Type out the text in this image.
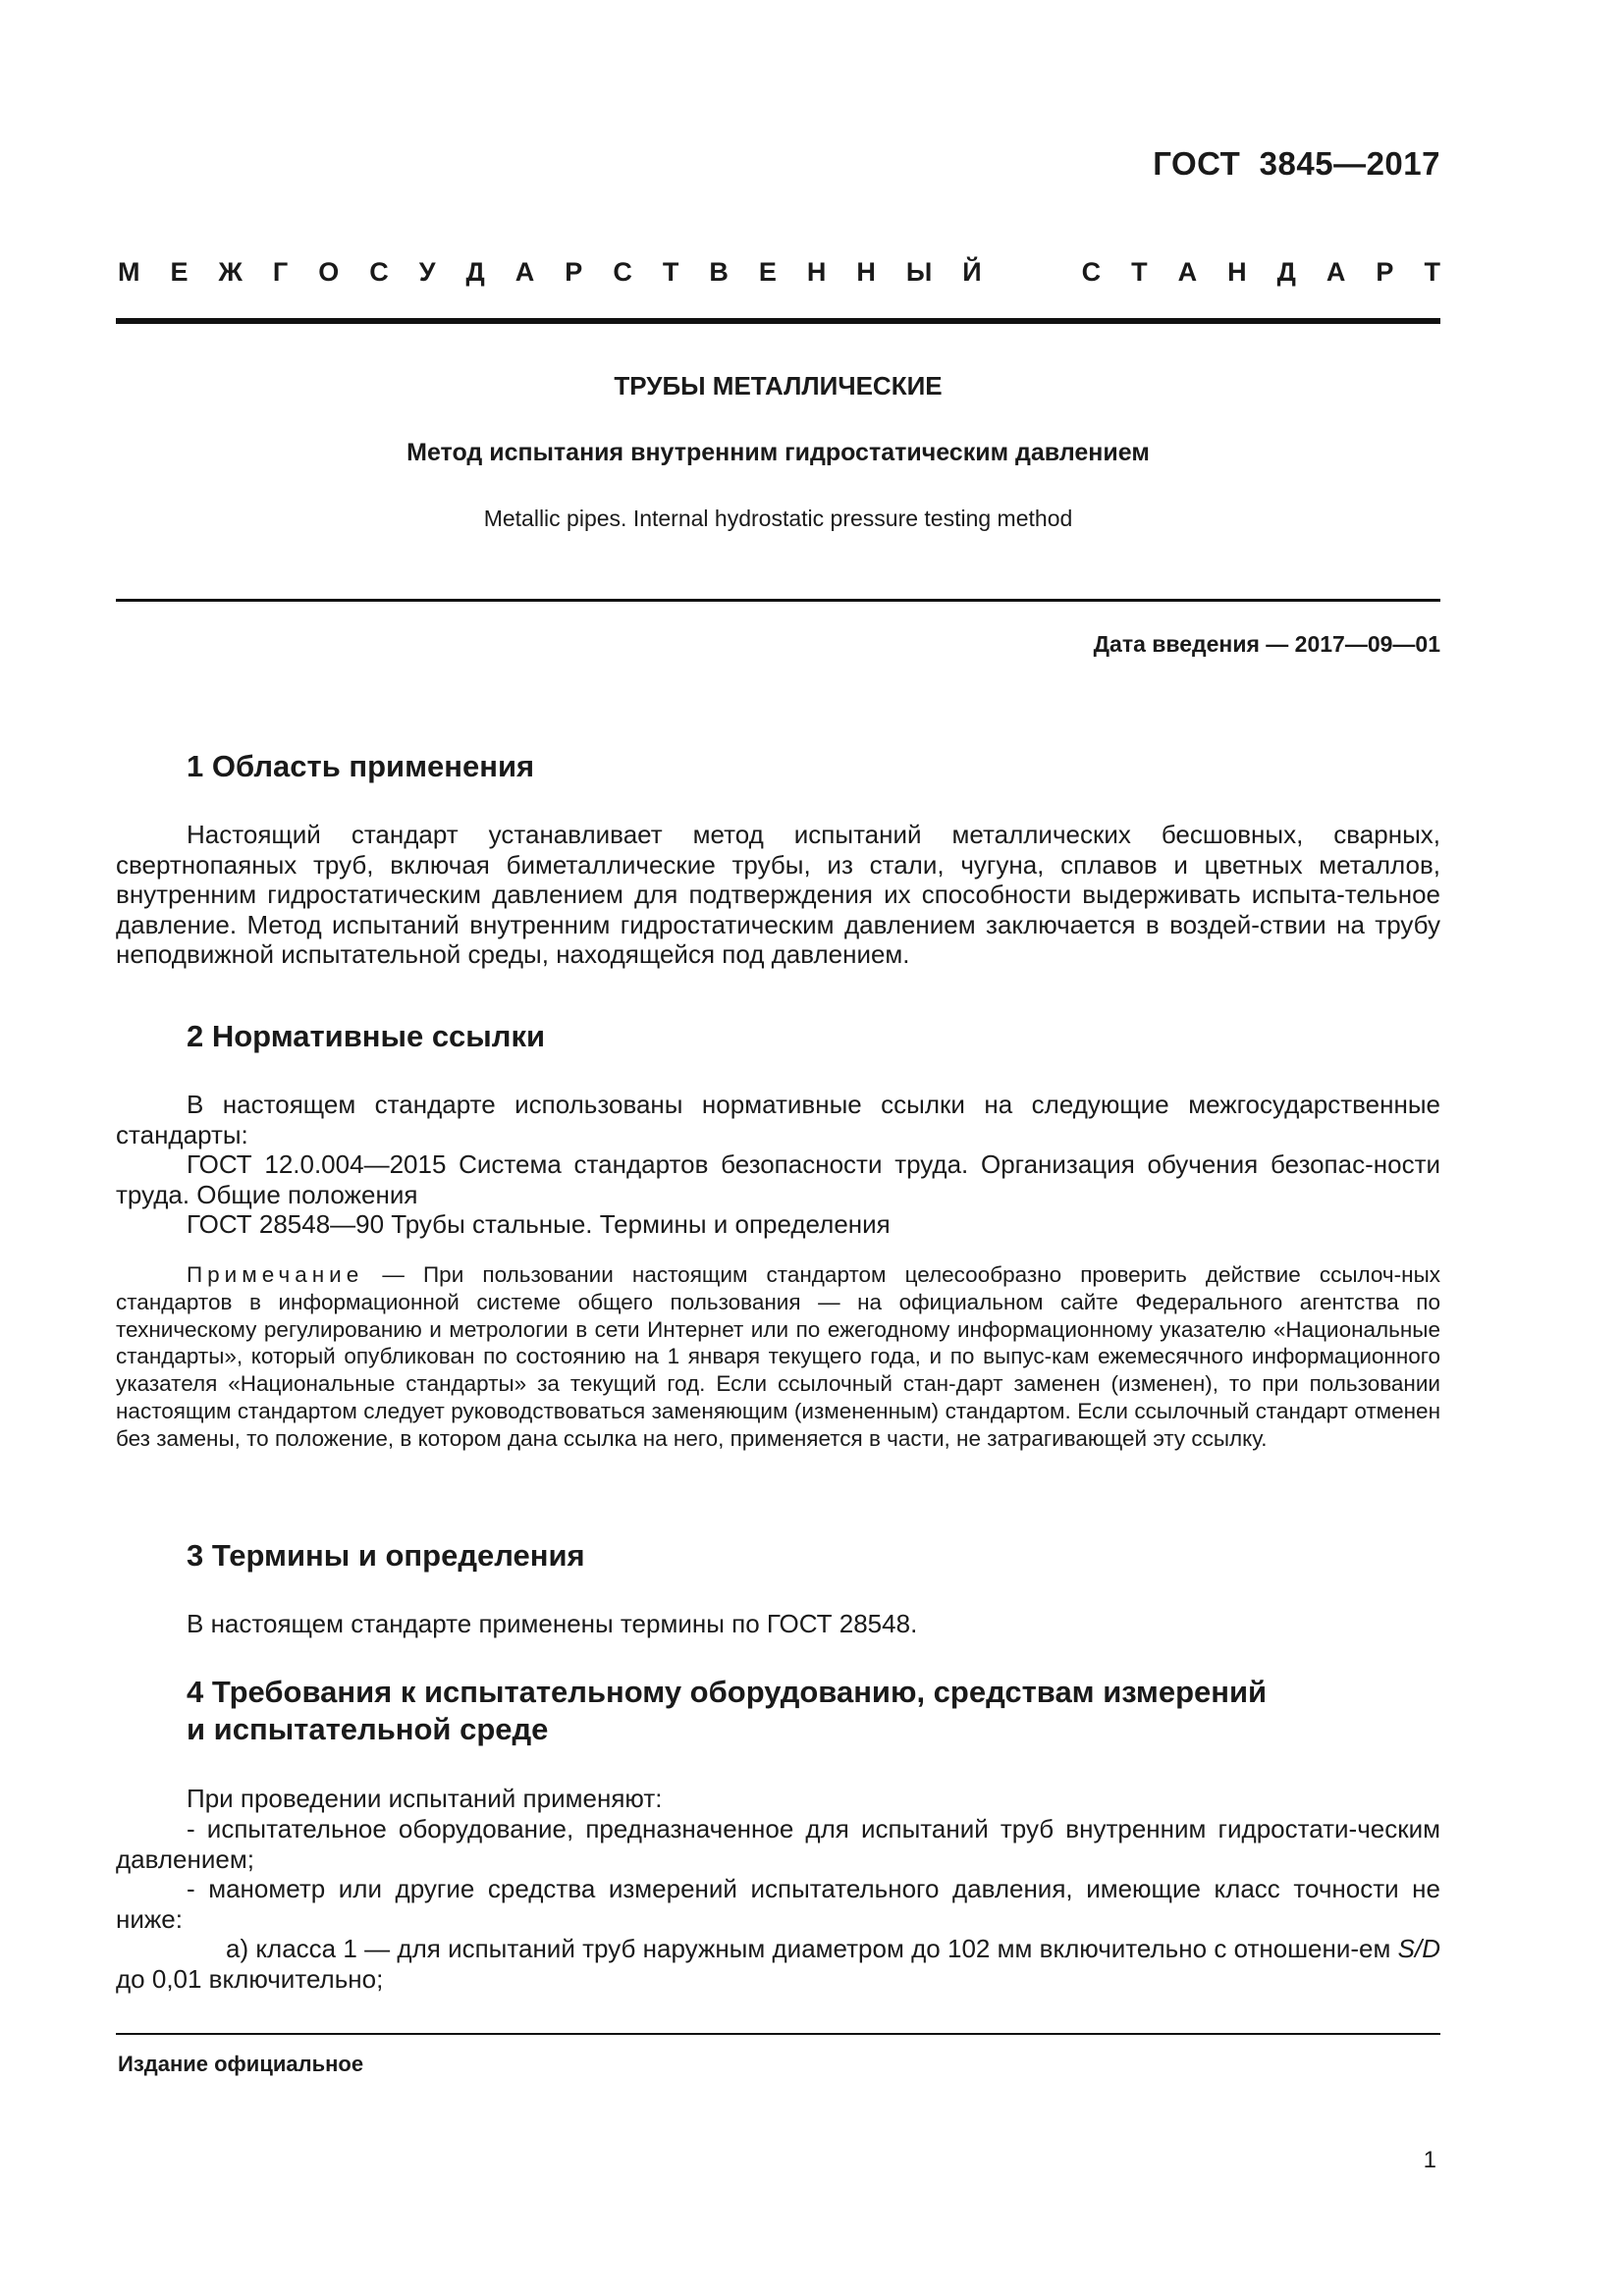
ГОСТ  3845—2017
М Е Ж Г О С У Д А Р С Т В Е Н Н Ы Й	С Т А Н Д А Р Т
ТРУБЫ МЕТАЛЛИЧЕСКИЕ
Метод испытания внутренним гидростатическим давлением
Metallic pipes. Internal hydrostatic pressure testing method
Дата введения — 2017—09—01
1 Область применения
Настоящий стандарт устанавливает метод испытаний металлических бесшовных, сварных, свертнопаяных труб, включая биметаллические трубы, из стали, чугуна, сплавов и цветных металлов, внутренним гидростатическим давлением для подтверждения их способности выдерживать испыта-тельное давление. Метод испытаний внутренним гидростатическим давлением заключается в воздей-ствии на трубу неподвижной испытательной среды, находящейся под давлением.
2 Нормативные ссылки
В настоящем стандарте использованы нормативные ссылки на следующие межгосударственные стандарты:
ГОСТ 12.0.004—2015 Система стандартов безопасности труда. Организация обучения безопас-ности труда. Общие положения
ГОСТ 28548—90 Трубы стальные. Термины и определения
Примечание — При пользовании настоящим стандартом целесообразно проверить действие ссылоч-ных стандартов в информационной системе общего пользования — на официальном сайте Федерального агентства по техническому регулированию и метрологии в сети Интернет или по ежегодному информационному указателю «Национальные стандарты», который опубликован по состоянию на 1 января текущего года, и по выпус-кам ежемесячного информационного указателя «Национальные стандарты» за текущий год. Если ссылочный стан-дарт заменен (изменен), то при пользовании настоящим стандартом следует руководствоваться заменяющим (измененным) стандартом. Если ссылочный стандарт отменен без замены, то положение, в котором дана ссылка на него, применяется в части, не затрагивающей эту ссылку.
3 Термины и определения
В настоящем стандарте применены термины по ГОСТ 28548.
4 Требования к испытательному оборудованию, средствам измерений
и испытательной среде
При проведении испытаний применяют:
- испытательное оборудование, предназначенное для испытаний труб внутренним гидростати-ческим давлением;
- манометр или другие средства измерений испытательного давления, имеющие класс точности не ниже:
а) класса 1 — для испытаний труб наружным диаметром до 102 мм включительно с отношени-ем S/D до 0,01 включительно;
Издание официальное
1
